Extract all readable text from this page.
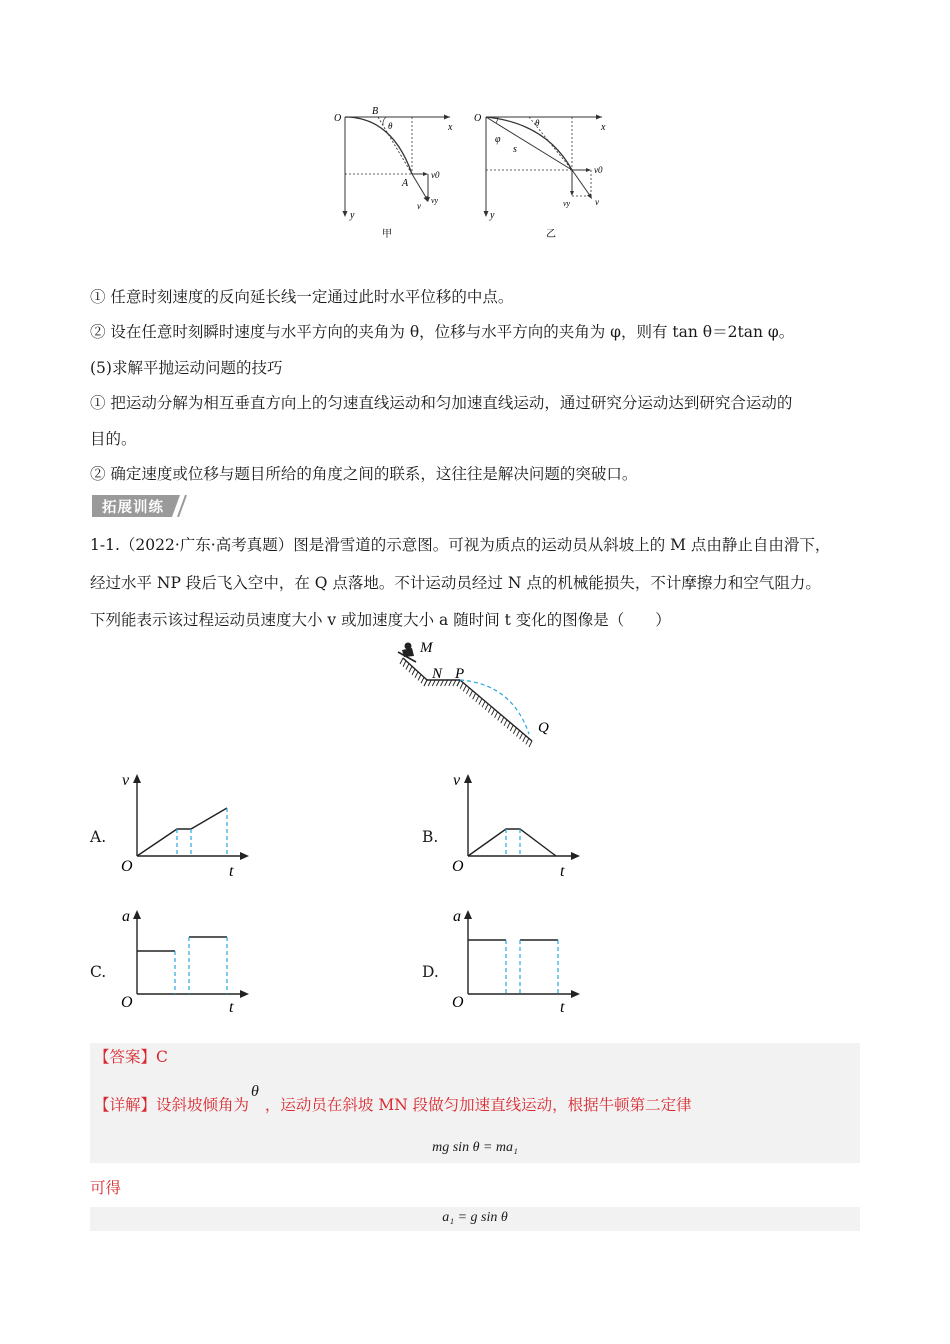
O
B
θ	x
A
v0
vy
v
y
甲
O	θ
φ
s
x
v0
vy	v
y
乙
① 任意时刻速度的反向延长线一定通过此时水平位移的中点。
② 设在任意时刻瞬时速度与水平方向的夹角为 θ，位移与水平方向的夹角为 φ，则有 tan θ＝2tan φ。
(5)求解平抛运动问题的技巧
① 把运动分解为相互垂直方向上的匀速直线运动和匀加速直线运动，通过研究分运动达到研究合运动的
目的。
② 确定速度或位移与题目所给的角度之间的联系，这往往是解决问题的突破口。
拓展训练
1-1.（2022·广东·高考真题）图是滑雪道的示意图。可视为质点的运动员从斜坡上的 M 点由静止自由滑下，
经过水平 NP 段后飞入空中，在 Q 点落地。不计运动员经过 N 点的机械能损失，不计摩擦力和空气阻力。
下列能表示该过程运动员速度大小 v 或加速度大小 a 随时间 t 变化的图像是（　　）
M
N P
Q
A.
v
O	t
B.
v
O	t
C.
a
O	t
D.
a
O	t
【答案】C
【详解】设斜坡倾角为θ，运动员在斜坡 MN 段做匀加速直线运动，根据牛顿第二定律
mg sin θ = ma₁
可得
a₁ = g sin θ
